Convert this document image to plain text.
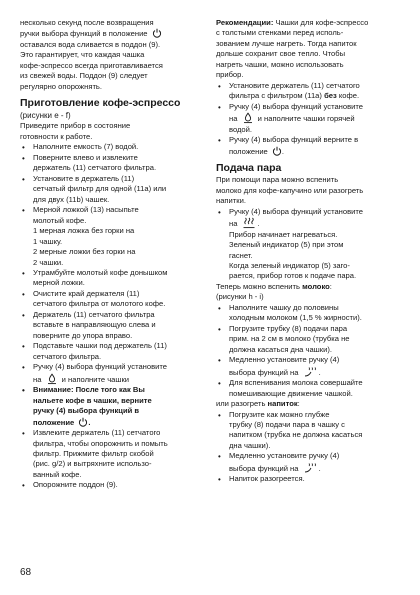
несколько секунд после возвращения
ручки выбора функций в положение
оставался вода сливается в поддон (9).
Это гарантирует, что каждая чашка
кофе-эспрессо всегда приготавливается
из свежей воды. Поддон (9) следует
регулярно опорожнять.

Приготовление кофе-эспрессо

(рисунки e - f)

Приведите прибор в состояние
готовности к работе.

• Наполните емкость (7) водой.
• Поверните влево и извлеките
держатель (11) сетчатого фильтра.
• Установите в держатель (11)
сетчатый фильтр для одной (11a) или
для двух (11b) чашек.
• Мерной ложкой (13) насыпьте
молотый кофе.
1 мерная ложка без горки на
1 чашку.
2 мерные ложки без горки на
2 чашки.
• Утрамбуйте молотый кофе донышком
мерной ложки.
• Очистите край держателя (11)
сетчатого фильтра от молотого кофе.
• Держатель (11) сетчатого фильтра
вставьте в направляющую слева и
поверните до упора вправо.
• Подставьте чашки под держатель (11)
сетчатого фильтра.
• Ручку (4) выбора функций установите
на	и наполните чашки
• Внимание: После того как Вы
нальете кофе в чашки, верните
ручку (4) выбора функций в
положение .
• Извлеките держатель (11) сетчатого
фильтра, чтобы опорожнить и помыть
фильтр. Прижмите фильтр скобой
(рис. g/2) и вытряхните использо-
ванный кофе.
• Опорожните поддон (9).

Рекомендации: Чашки для кофе-эспрессо
с толстыми стенками перед исполь-
зованием лучше нагреть. Тогда напиток
дольше сохранит свое тепло. Чтобы
нагреть чашки, можно использовать
прибор.

• Установите держатель (11) сетчатого
фильтра с фильтром (11a) без кофе.
• Ручку (4) выбора функций установите
на	и наполните чашки горячей
водой.
• Ручку (4) выбора функций верните в
положение .
Подача пара

При помощи пара можно вспенить
молоко для кофе-капучино или разогреть
напитки.

• Ручку (4) выбора функций установите
на	.
Прибор начинает нагреваться.
Зеленый индикатор (5) при этом
гаснет.
Когда зеленый индикатор (5) заго-
рается, прибор готов к подаче пара.

Теперь можно вспенить молоко:

(рисунки h - i)

• Наполните чашку до половины
холодным молоком (1,5 % жирности).
• Погрузите трубку (8) подачи пара
прим. на 2 см в молоко (трубка не
должна касаться дна чашки).
• Медленно установите ручку (4)
выбора функций на	.
• Для вспенивания молока совершайте
помешивающие движение чашкой.

или разогреть напиток:

• Погрузите как можно глубже
трубку (8) подачи пара в чашку с
напитком (трубка не должна касаться
дна чашки).
• Медленно установите ручку (4)
выбора функций на	.
• Напиток разогреется.
68
